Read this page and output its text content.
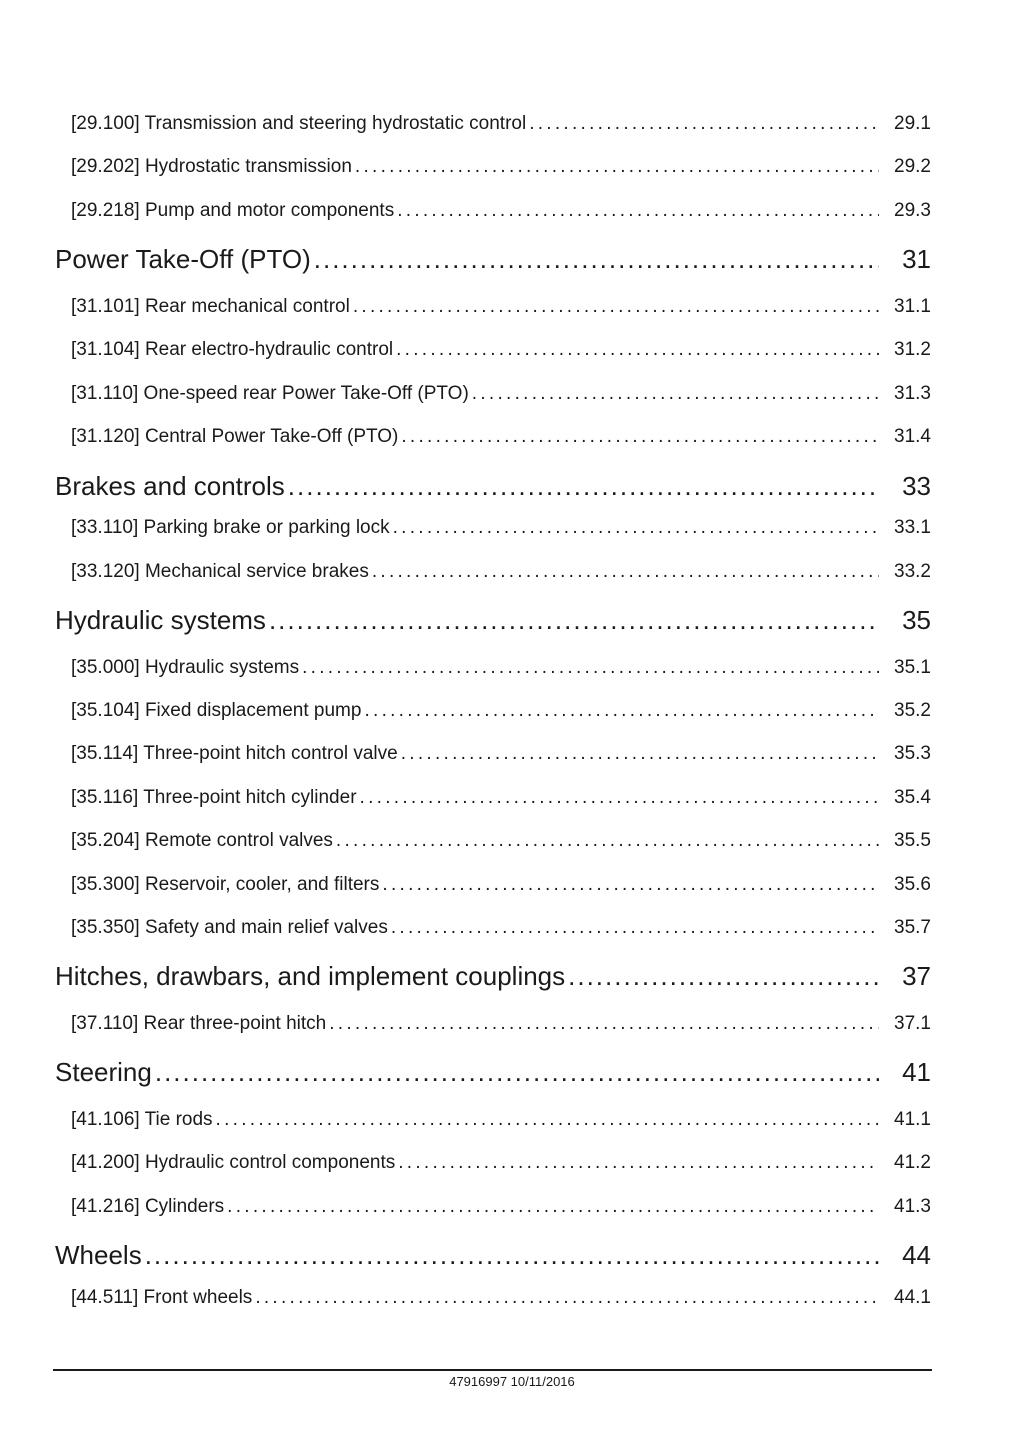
[29.100] Transmission and steering hydrostatic control . . .	29.1
[29.202] Hydrostatic transmission . . .	29.2
[29.218] Pump and motor components . . .	29.3
Power Take-Off (PTO) .....	31
[31.101] Rear mechanical control . . .	31.1
[31.104] Rear electro-hydraulic control . . .	31.2
[31.110] One-speed rear Power Take-Off (PTO) . . .	31.3
[31.120] Central Power Take-Off (PTO) . . .	31.4
Brakes and controls .....	33
[33.110] Parking brake or parking lock . . .	33.1
[33.120] Mechanical service brakes . . .	33.2
Hydraulic systems .....	35
[35.000] Hydraulic systems . . .	35.1
[35.104] Fixed displacement pump . . .	35.2
[35.114] Three-point hitch control valve . . .	35.3
[35.116] Three-point hitch cylinder . . .	35.4
[35.204] Remote control valves . . .	35.5
[35.300] Reservoir, cooler, and filters . . .	35.6
[35.350] Safety and main relief valves . . .	35.7
Hitches, drawbars, and implement couplings .....	37
[37.110] Rear three-point hitch . . .	37.1
Steering .....	41
[41.106] Tie rods . . .	41.1
[41.200] Hydraulic control components . . .	41.2
[41.216] Cylinders . . .	41.3
Wheels .....	44
[44.511] Front wheels . . .	44.1
47916997 10/11/2016
